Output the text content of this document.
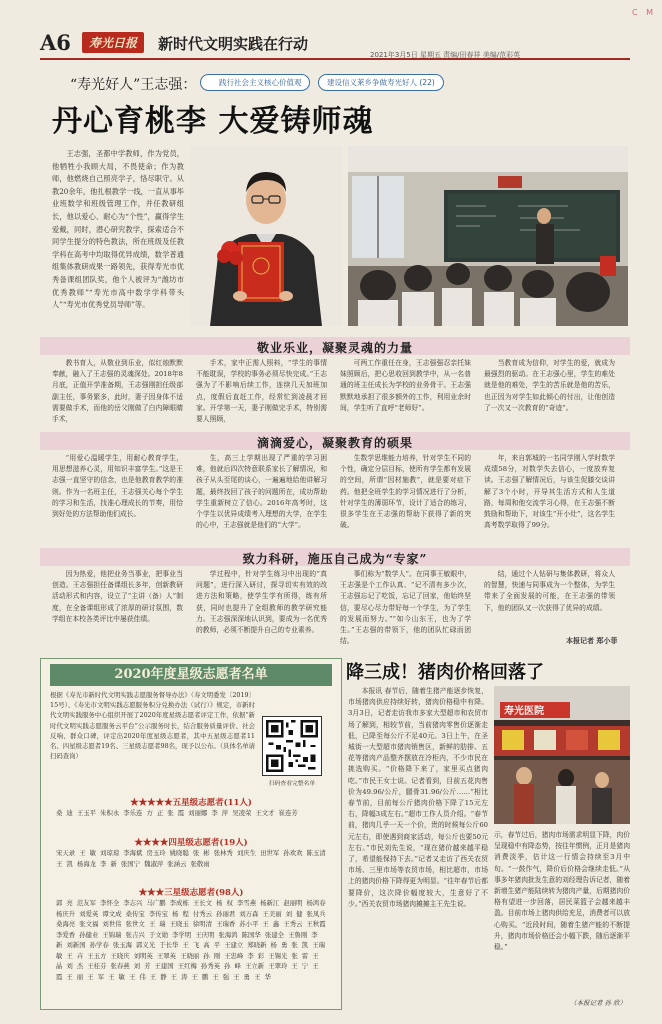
A6	寿光日报	新时代文明实践在行动
2021年3月5日 星期五 责编/田春祥 美编/范彩英
C M
“寿光好人”王志强：	践行社会主义核心价值观	建设信义莱乡争做寿光好人 (22)
丹心育桃李 大爱铸师魂
王志强，圣都中学教师，作为党员，他牺牲小我顾大局，不畏使命；作为教师，他燃烧自己照亮学子，恪尽职守。从教20余年，他扎根教学一线，一直从事毕业班数学和班级管理工作，并任教研组长，他以爱心、耐心为“个性”，赢得学生爱戴，同时，潜心研究教学，探索适合不同学生提分的特色教法，所在班级及任教学科在高考中均取得优异成绩，数学普通组集体教研成果一路领先，获得寿光市优秀备课组团队奖，他个人被评为“潍坊市优秀教师”“寿光市高中数学学科带头人”“寿光市优秀党员导师”等。
敬业乐业，凝聚灵魂的力量
教书育人，从敬业到乐业，似红烛默默奉献，融入了王志强的灵魂深处。2018年8月底，正值开学准备期，王志强刚担任级部副主任，事务繁多，此时，妻子因身体不适需要做手术，而他的岳父刚做了白内障眼睛手术，
手术，家中正需人照料，“学生的事情不能耽误，学校的事务必须尽快完成。”王志强为了不影响后续工作，连续几天加班加点，度假后直赶工作，经常忙到凌晨才回家。开学第一天，妻子刚做完手术，特别需要人照顾，
可两工作重任在身，王志强强忍亲托妹妹照顾后，把心思收回到教学中，从一名普通的班主任成长为学校的业务骨干。王志强默默地承担了很多额外的工作，利用业余时间，学生听了直呼“老师好”。
当教育成为信仰，对学生的爱，就成为最强烈的驱动。在王志强心里，学生的难处就是他的难处，学生的苦乐就是他的苦乐，也正因为对学生如此倾心的付出，让他创造了一次又一次教育的“奇迹”。
滴滴爱心，凝聚教育的硕果
“用爱心温暖学生，用耐心教育学生，用思想滋养心灵，用知识丰富学生。”这是王志强一直坚守的信念，也是他教育教学的准则。作为一名班主任，王志强关心每个学生的学习和生活，找准心理成长的节奏，用恰到好处的方法帮助他们成长。
生，高三上学期出现了严重的学习困难，他就后四次特意联系家长了解情况，和孩子从头至尾的谈心，一遍遍地给他讲解习题，最终找回了孩子的问题所在，成功帮助学生重新树立了信心。2016年高考时，这个学生以优异成绩考入理想的大学，在学生的心中，王志强就是他们的“大学”。
生数学思维能力培养，针对学生不同的个性，确定分层目标，使所有学生都有发展的空间，所谓“因材施教”，就是要对症下药。他把全班学生的学习情况进行了分析，针对学生的薄弱环节，设计了适合的练习，很多学生在王志强的帮助下获得了新的突破。
年，来自郭城的一名同学刚入学时数学成绩58分，对数学失去信心，一度放弃复读。王志强了解情况后，与该生促膝交谈讲解了3个小时，开导其生活方式和人生道路，每周和他交流学习心得，在王志强不断鼓励和帮助下，对该生“开小灶”，这名学生高考数学取得了99分。
致力科研，施压自己成为“专家”
因为热爱，他把业务当事业，把事业当创造。王志强担任备课组长多年，创新教研活动形式和内容，设立了“主讲（备）人”制度，在全备课组形成了浓厚的研讨氛围，数学组在本校各类评比中屡获佳绩。
学过程中，针对学生练习中出现的“真问题”，进行深入研讨，探寻切实有效的改进方法和策略，使学生学有所得，练有所获，同时也提升了全组教师的教学研究能力。王志强深深地认识到，要成为一名优秀的教师，必须不断提升自己的专业素养。
事们称为“数学人”。在同事王敏眼中，王志强是个工作认真、“记不清有多少次，王志强忘记了吃饭，忘记了回家，他始终坚信，要尽心尽力带好每一个学生，为了学生的发展而努力。”“如今山东王，也为了学生。”王志强的带领下，他的团队忙碌而团结。
结，通过个人钻研与集体教研，将众人的智慧，快速与同事成为一个整体，为学生带来了全面发展的可能，在王志强的带领下，他的团队又一次获得了优异的成绩。
本报记者 郑小菲
2020年度星级志愿者名单
根据《寿光市新时代文明实践志愿服务督导办法》（寿文明委发〔2019〕15号）、《寿光市文明实践志愿服务积分兑换办法（试行）》规定，市新时代文明实践服务中心组织开展了2020年度星级志愿者评定工作，依据“新时代文明实践志愿服务云平台”公示服务时长，结合服务质量评价、社会反响、群众口碑，评定出2020年度星级志愿者，其中五星级志愿者11名、四星级志愿者19名、三星级志愿者98名，现予以公布。（具体名单请扫码查询）
扫码查看完整名单
★★★★★五星级志愿者(11人)
桑 迪 王玉平 朱积永 李乐连 方 正 张 霞 刘丽娜 李 萍 吴凌荣 王文才 崔连芳
★★★★四星级志愿者(19人)
宋天录 王 敏 刘琼琼 李海斌 房玉玲 姚晓聪 张 彬 张林秀 刘庆生 田世军 孙欢欢 陈玉清 王 凯 杨海龙 李 新 张国宁 魏淑萍 张涵云 张敬雨
★★★三星级志愿者(98人)
郭 亮 范友军 李怀全 李志兴 马广鹏 李成栋 王长文 杨 权 李雪燕 杨新江 赵丽明 杨鸿春 杨庆升 刘爱英 谭文成 桑传宝 李传宝 杨 程 付秀云 孙丽君 刘万森 王美丽 刘 健 张凤兵 桑海亮 张文福 刘世伟 张世文 王 瑞 王晓玉 徐明清 王瑞香 苏小平 王 鑫 王秀云 王秋霞 李爱香 孙健业 王锦瑞 张吉兴 于文勋 李学明 王庆明 张海鸿 陈国华 张建全 王鲁刚 李 新 刘新国 孙学春 张玉海 郭义光 于长华 王 飞 高 平 王建立 郑晓新 杨 勇 张 凯 王瑞敏 王 卉 王玉方 王晓庆 刘明英 王翠英 王晓丽 孙 刚 王忠峰 李 彩 王锡光 张 雷 王 晶 刘 杰 王桂芬 张春燕 刘 芳 王建国 王红梅 孙秀英 孙 峰 王立新 王翠玲 王 宁 王 霞 王 丽 王 军 王 敏 王 伟 王 静 王 涛 王 鹏 王 强 王 勇 王 华
降三成！猪肉价格回落了
本报讯 春节后，随着生猪产能逐步恢复，市场猪肉供应持续好转，猪肉价格稳中有降。3月3日，记者走访我市多家大型超市和农贸市场了解到，相较节前，当前猪肉零售价逐渐走低，已降至每公斤不足40元。3日上午，在圣城街一大型超市猪肉销售区，新鲜的肋排、五花等猪肉产品整齐摆放在冷柜内，不少市民在挑选购买。“价格降下来了，家里买点猪肉吃。”市民王女士说。记者看到，目前五花肉售价为49.96/公斤，腿骨31.96/公斤……“相比春节前，目前每公斤猪肉价格下降了15元左右，降幅3成左右。”超市工作人员介绍。“春节前，猪肉几乎一天一个价，贵的时候每公斤60元左右，即使遇到商家活动，每公斤也要50元左右。”市民刘先生说，“现在猪价越来越平稳了，希望能保持下去。”记者又走访了西关农贸市场、三里市场等农贸市场，相比超市，市场上的猪肉价格下降得更为明显。“往年春节后都要降价，这次降价幅度较大，生意好了不少。”西关农贸市场猪肉摊摊主王先生说。
寿光医院
示，春节过后，猪肉市场需求明显下降，肉价呈现稳中有降态势，按往年惯例，正月是猪肉消费淡季，估计这一行情会持续至3月中旬。“一鼓作气，降价后价格会继续走低。”从事多年猪肉批发生意的刘经理告诉记者，随着新增生猪产能陆续转为猪肉产量，后期猪肉价格有望进一步回落，居民菜篮子会越来越丰盈。目前市场上猪肉供给充足，消费者可以放心购买。“近段时间，随着生猪产能的不断提升，猪肉市场价格还会小幅下跌，随后逐渐平稳。”
（本报记者 孙 欣）
